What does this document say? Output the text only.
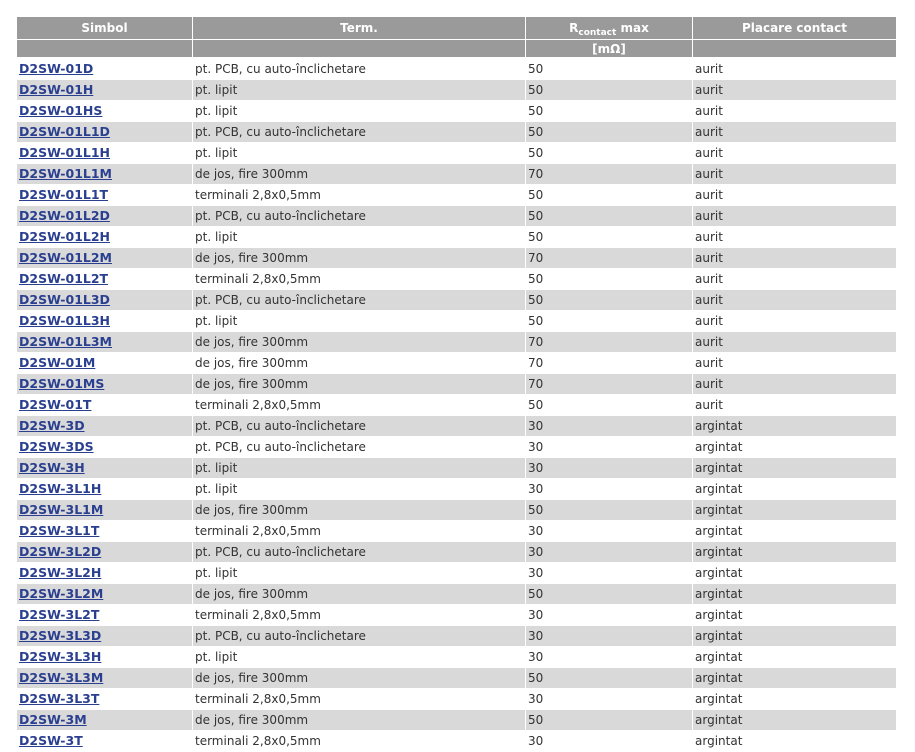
Simbol	Term.	$R_{contact}$ max	Placare contact
		[mΩ]	
D2SW-01D	pt. PCB, cu auto-înclichetare	50	aurit
D2SW-01H	pt. lipit	50	aurit
D2SW-01HS	pt. lipit	50	aurit
D2SW-01L1D	pt. PCB, cu auto-înclichetare	50	aurit
D2SW-01L1H	pt. lipit	50	aurit
D2SW-01L1M	de jos, fire 300mm	70	aurit
D2SW-01L1T	terminali 2,8x0,5mm	50	aurit
D2SW-01L2D	pt. PCB, cu auto-înclichetare	50	aurit
D2SW-01L2H	pt. lipit	50	aurit
D2SW-01L2M	de jos, fire 300mm	70	aurit
D2SW-01L2T	terminali 2,8x0,5mm	50	aurit
D2SW-01L3D	pt. PCB, cu auto-înclichetare	50	aurit
D2SW-01L3H	pt. lipit	50	aurit
D2SW-01L3M	de jos, fire 300mm	70	aurit
D2SW-01M	de jos, fire 300mm	70	aurit
D2SW-01MS	de jos, fire 300mm	70	aurit
D2SW-01T	terminali 2,8x0,5mm	50	aurit
D2SW-3D	pt. PCB, cu auto-înclichetare	30	argintat
D2SW-3DS	pt. PCB, cu auto-înclichetare	30	argintat
D2SW-3H	pt. lipit	30	argintat
D2SW-3L1H	pt. lipit	30	argintat
D2SW-3L1M	de jos, fire 300mm	50	argintat
D2SW-3L1T	terminali 2,8x0,5mm	30	argintat
D2SW-3L2D	pt. PCB, cu auto-înclichetare	30	argintat
D2SW-3L2H	pt. lipit	30	argintat
D2SW-3L2M	de jos, fire 300mm	50	argintat
D2SW-3L2T	terminali 2,8x0,5mm	30	argintat
D2SW-3L3D	pt. PCB, cu auto-înclichetare	30	argintat
D2SW-3L3H	pt. lipit	30	argintat
D2SW-3L3M	de jos, fire 300mm	50	argintat
D2SW-3L3T	terminali 2,8x0,5mm	30	argintat
D2SW-3M	de jos, fire 300mm	50	argintat
D2SW-3T	terminali 2,8x0,5mm	30	argintat
